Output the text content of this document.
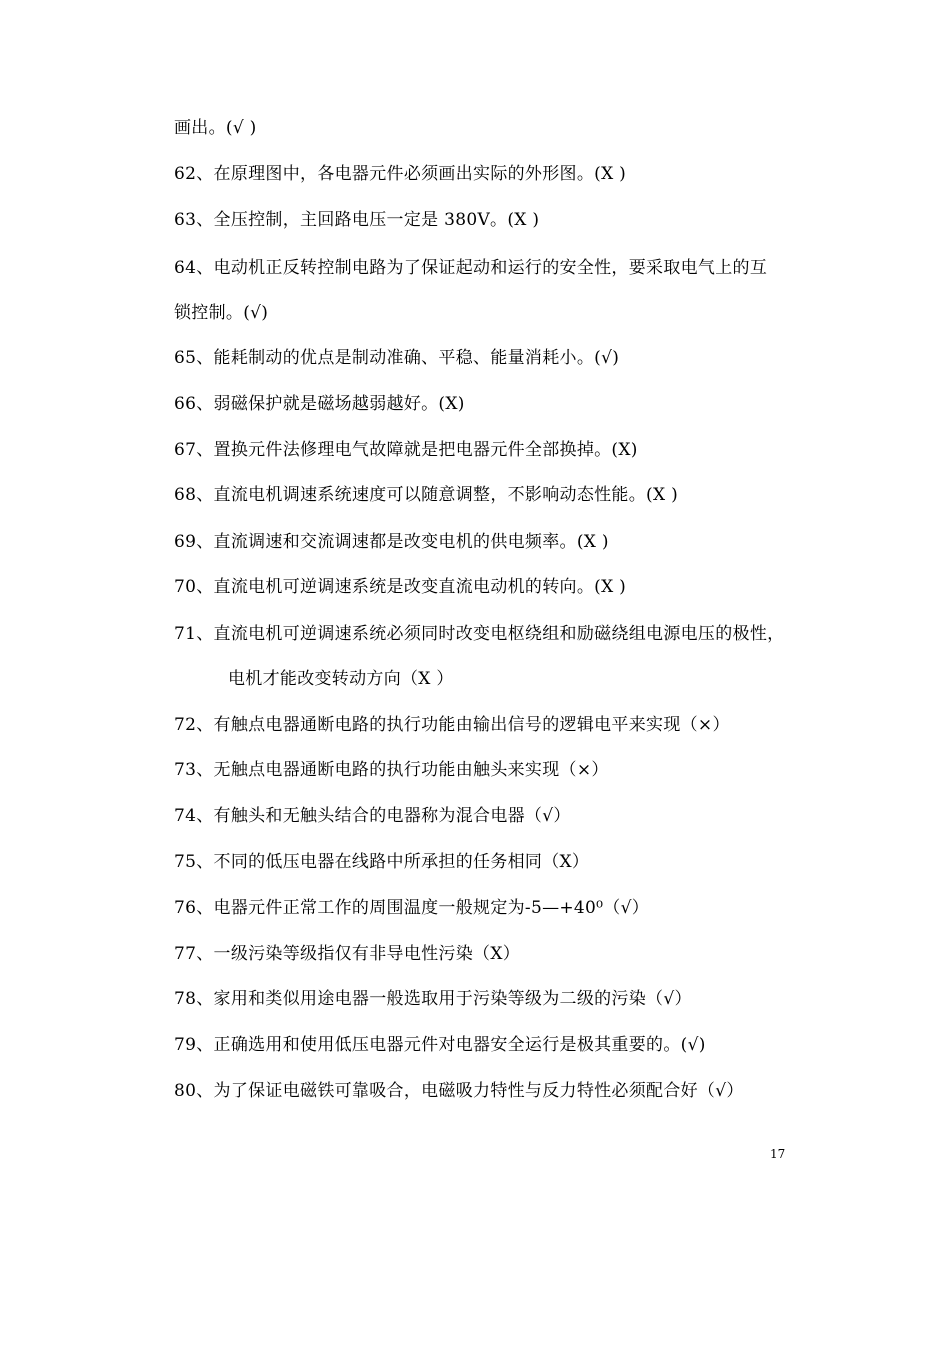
画出。(√ )
62、在原理图中，各电器元件必须画出实际的外形图。(X )
63、全压控制，主回路电压一定是 380V。(X )
64、电动机正反转控制电路为了保证起动和运行的安全性，要采取电气上的互
锁控制。(√)
65、能耗制动的优点是制动准确、平稳、能量消耗小。(√)
66、弱磁保护就是磁场越弱越好。(X)
67、置换元件法修理电气故障就是把电器元件全部换掉。(X)
68、直流电机调速系统速度可以随意调整，不影响动态性能。(X )
69、直流调速和交流调速都是改变电机的供电频率。(X )
70、直流电机可逆调速系统是改变直流电动机的转向。(X )
71、直流电机可逆调速系统必须同时改变电枢绕组和励磁绕组电源电压的极性，
电机才能改变转动方向（X ）
72、有触点电器通断电路的执行功能由输出信号的逻辑电平来实现（×）
73、无触点电器通断电路的执行功能由触头来实现（×）
74、有触头和无触头结合的电器称为混合电器（√）
75、不同的低压电器在线路中所承担的任务相同（X）
76、电器元件正常工作的周围温度一般规定为-5—+40⁰（√）
77、一级污染等级指仅有非导电性污染（X）
78、家用和类似用途电器一般选取用于污染等级为二级的污染（√）
79、正确选用和使用低压电器元件对电器安全运行是极其重要的。(√)
80、为了保证电磁铁可靠吸合，电磁吸力特性与反力特性必须配合好（√）
17
